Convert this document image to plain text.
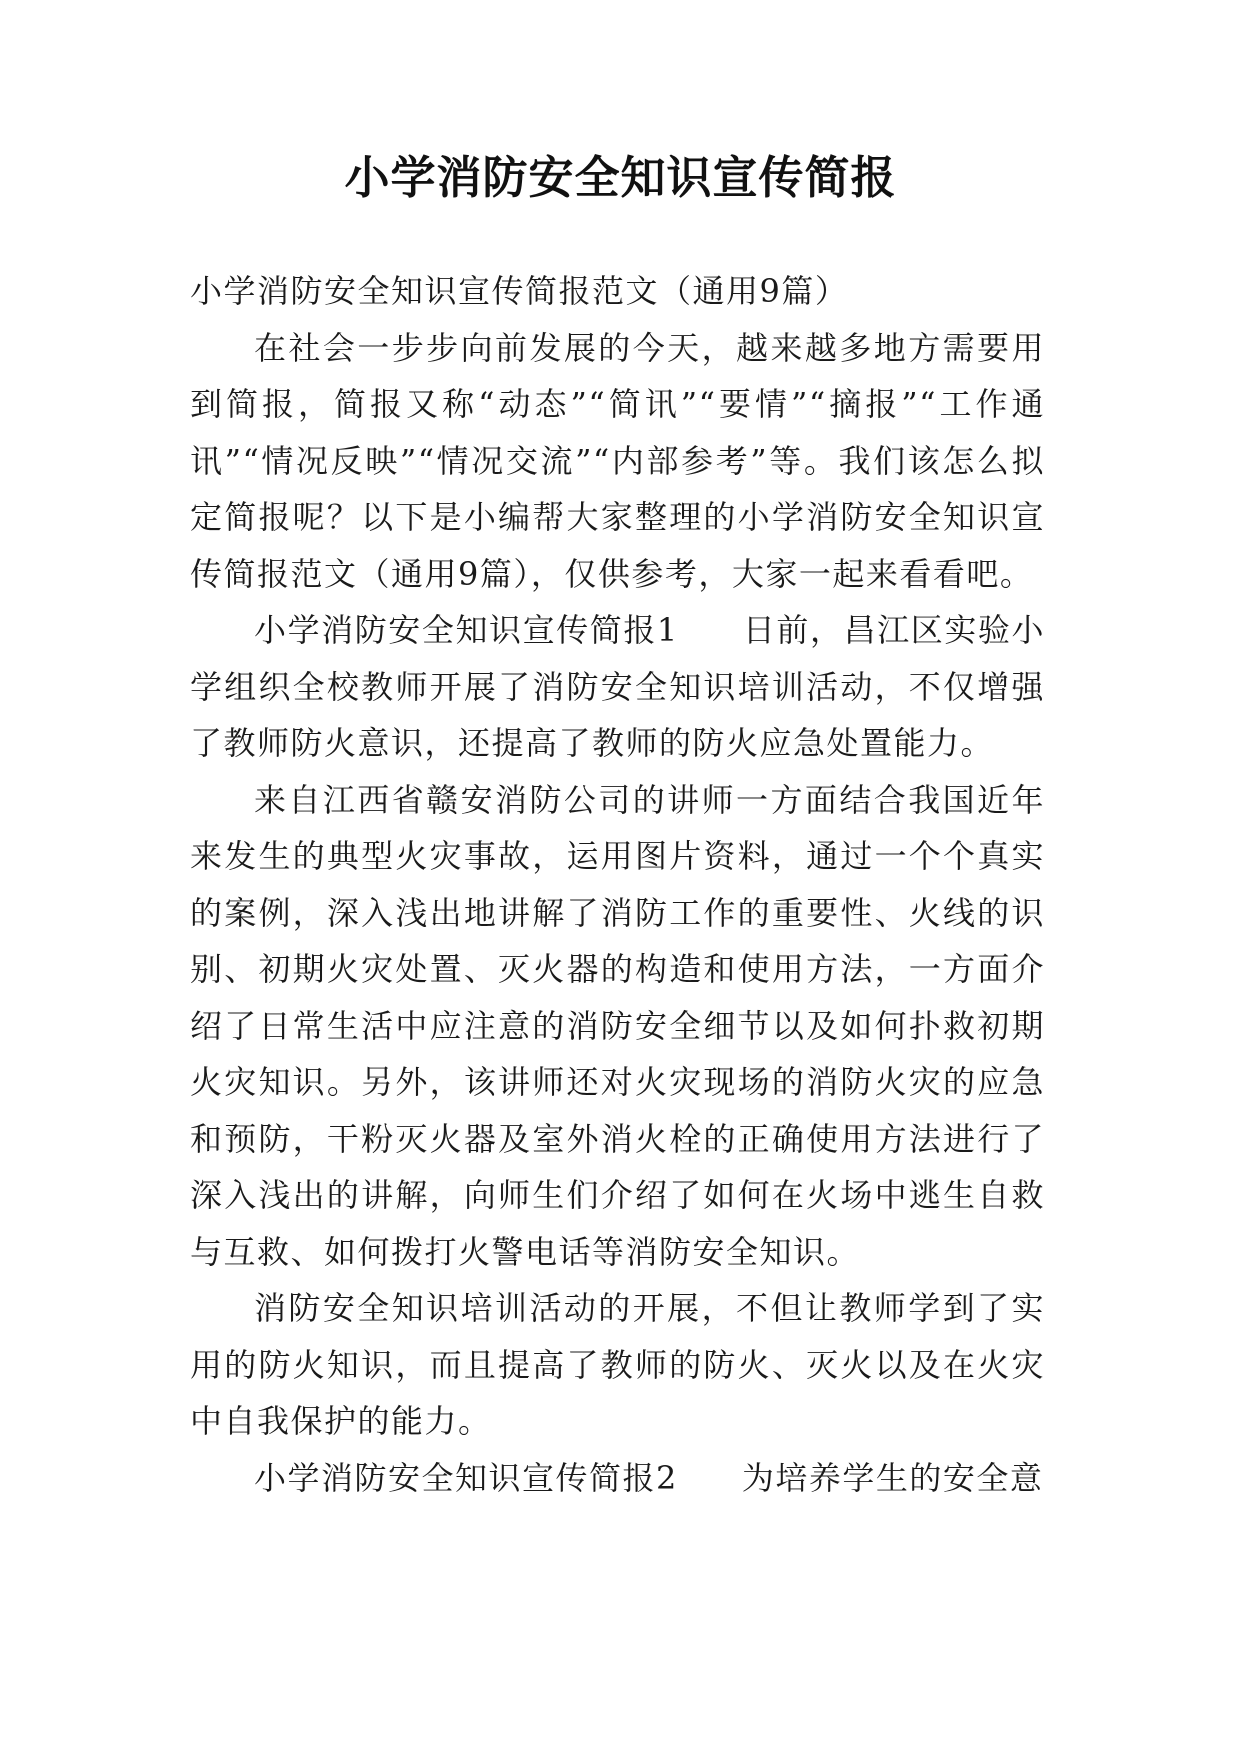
小学消防安全知识宣传简报

小学消防安全知识宣传简报范文（通用9篇）

在社会一步步向前发展的今天，越来越多地方需要用到简报，简报又称“动态”“简讯”“要情”“摘报”“工作通讯”“情况反映”“情况交流”“内部参考”等。我们该怎么拟定简报呢？以下是小编帮大家整理的小学消防安全知识宣传简报范文（通用9篇），仅供参考，大家一起来看看吧。

小学消防安全知识宣传简报1 日前，昌江区实验小学组织全校教师开展了消防安全知识培训活动，不仅增强了教师防火意识，还提高了教师的防火应急处置能力。

来自江西省赣安消防公司的讲师一方面结合我国近年来发生的典型火灾事故，运用图片资料，通过一个个真实的案例，深入浅出地讲解了消防工作的重要性、火线的识别、初期火灾处置、灭火器的构造和使用方法，一方面介绍了日常生活中应注意的消防安全细节以及如何扑救初期火灾知识。另外，该讲师还对火灾现场的消防火灾的应急和预防，干粉灭火器及室外消火栓的正确使用方法进行了深入浅出的讲解，向师生们介绍了如何在火场中逃生自救与互救、如何拨打火警电话等消防安全知识。

消防安全知识培训活动的开展，不但让教师学到了实用的防火知识，而且提高了教师的防火、灭火以及在火灾中自我保护的能力。

小学消防安全知识宣传简报2 为培养学生的安全意
